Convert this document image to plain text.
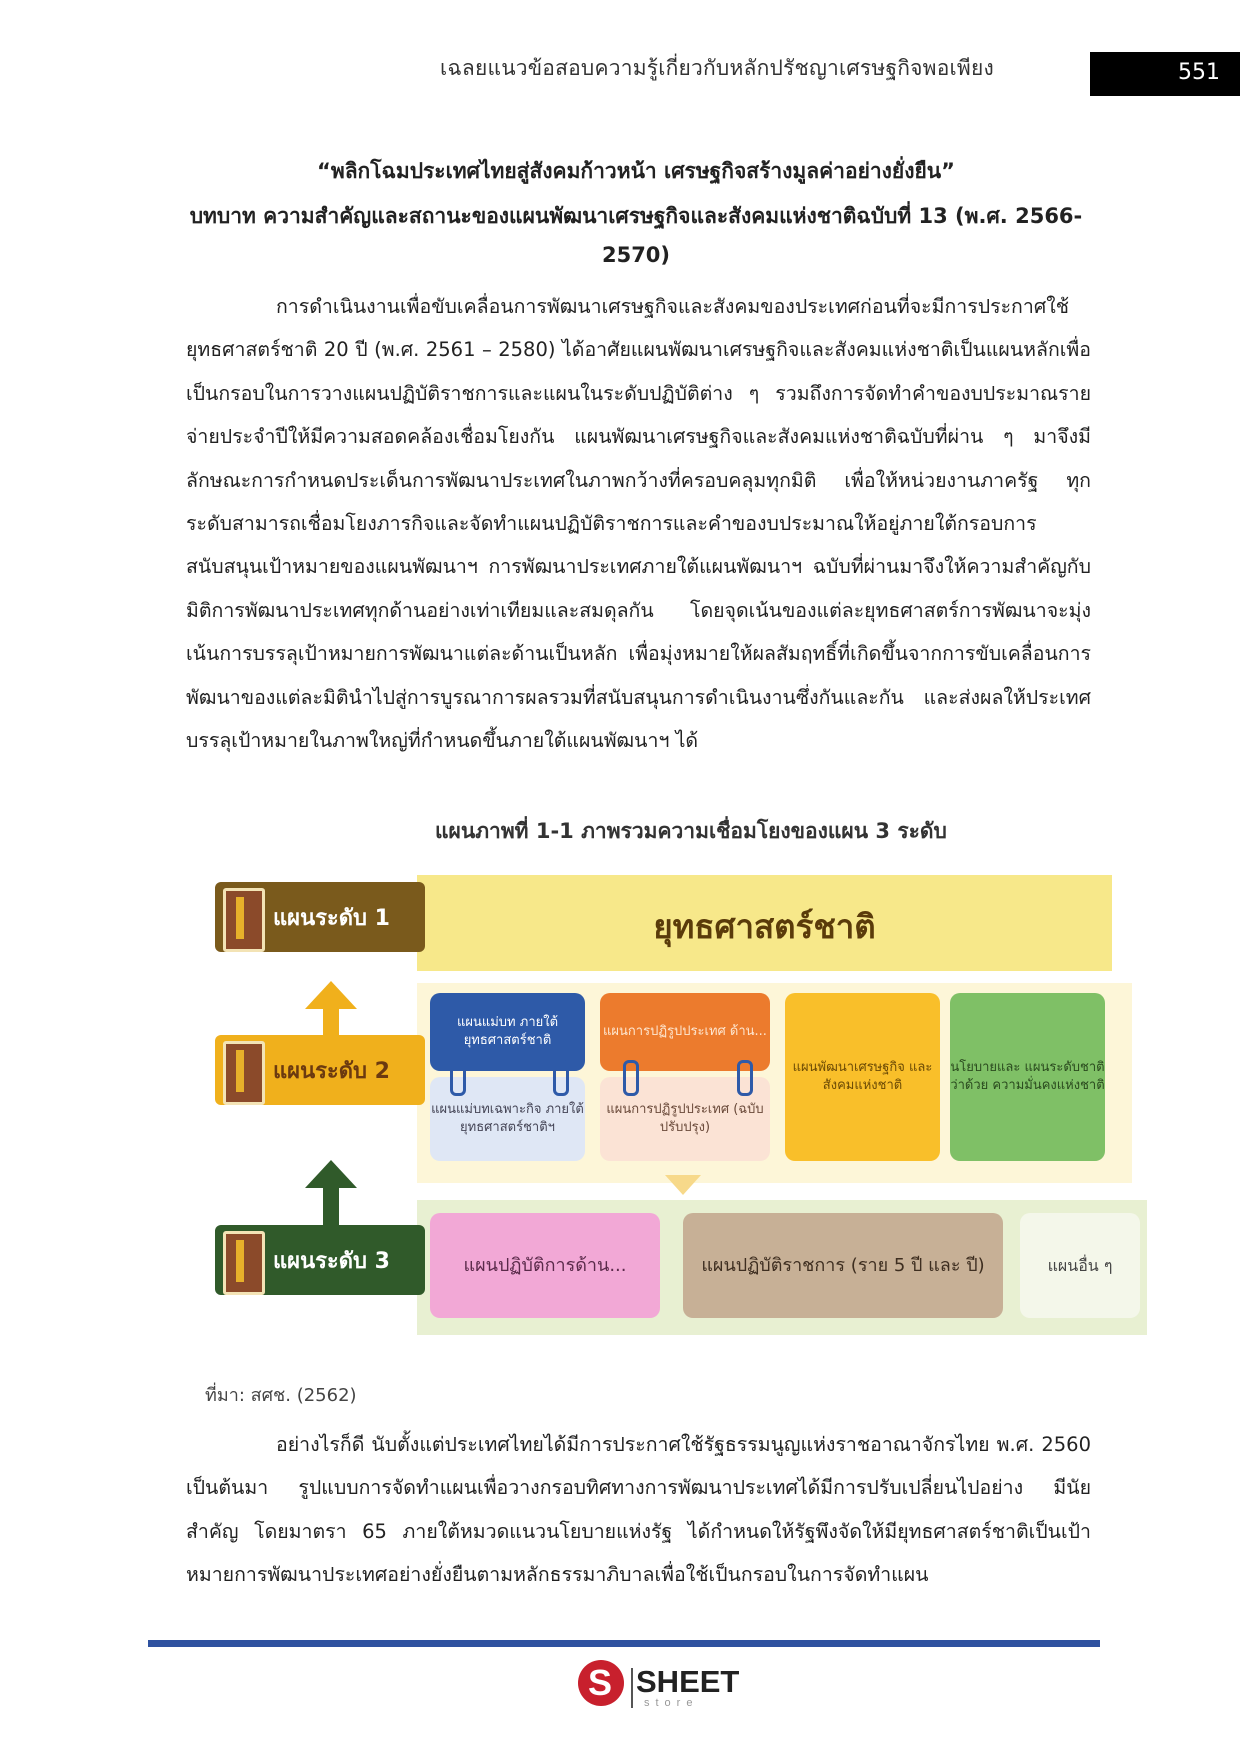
เฉลยแนวข้อสอบความรู้เกี่ยวกับหลักปรัชญาเศรษฐกิจพอเพียง	551
“พลิกโฉมประเทศไทยสู่สังคมก้าวหน้า เศรษฐกิจสร้างมูลค่าอย่างยั่งยืน”
บทบาท ความสำคัญและสถานะของแผนพัฒนาเศรษฐกิจและสังคมแห่งชาติฉบับที่ 13 (พ.ศ. 2566-
2570)

การดำเนินงานเพื่อขับเคลื่อนการพัฒนาเศรษฐกิจและสังคมของประเทศก่อนที่จะมีการประกาศใช้ ยุทธศาสตร์ชาติ 20 ปี (พ.ศ. 2561 – 2580) ได้อาศัยแผนพัฒนาเศรษฐกิจและสังคมแห่งชาติเป็นแผนหลักเพื่อ เป็นกรอบในการวางแผนปฏิบัติราชการและแผนในระดับปฏิบัติต่าง ๆ รวมถึงการจัดทำคำของบประมาณรายจ่ายประจำปีให้มีความสอดคล้องเชื่อมโยงกัน แผนพัฒนาเศรษฐกิจและสังคมแห่งชาติฉบับที่ผ่าน ๆ มาจึงมีลักษณะการกำหนดประเด็นการพัฒนาประเทศในภาพกว้างที่ครอบคลุมทุกมิติ เพื่อให้หน่วยงานภาครัฐ ทุกระดับสามารถเชื่อมโยงภารกิจและจัดทำแผนปฏิบัติราชการและคำของบประมาณให้อยู่ภายใต้กรอบการสนับสนุนเป้าหมายของแผนพัฒนาฯ การพัฒนาประเทศภายใต้แผนพัฒนาฯ ฉบับที่ผ่านมาจึงให้ความสำคัญกับมิติการพัฒนาประเทศทุกด้านอย่างเท่าเทียมและสมดุลกัน โดยจุดเน้นของแต่ละยุทธศาสตร์การพัฒนาจะมุ่งเน้นการบรรลุเป้าหมายการพัฒนาแต่ละด้านเป็นหลัก เพื่อมุ่งหมายให้ผลสัมฤทธิ์ที่เกิดขึ้นจากการขับเคลื่อนการพัฒนาของแต่ละมิตินำไปสู่การบูรณาการผลรวมที่สนับสนุนการดำเนินงานซึ่งกันและกัน และส่งผลให้ประเทศบรรลุเป้าหมายในภาพใหญ่ที่กำหนดขึ้นภายใต้แผนพัฒนาฯ ได้

แผนภาพที่ 1-1 ภาพรวมความเชื่อมโยงของแผน 3 ระดับ
ยุทธศาสตร์ชาติ
แผนระดับ 1
แผนระดับ 2
แผนระดับ 3
แผนแม่บท ภายใต้ยุทธศาสตร์ชาติ
แผนแม่บทเฉพาะกิจ ภายใต้ยุทธศาสตร์ชาติฯ
แผนการปฏิรูปประเทศ ด้าน...
แผนการปฏิรูปประเทศ (ฉบับปรับปรุง)
แผนพัฒนาเศรษฐกิจ และสังคมแห่งชาติ
นโยบายและ แผนระดับชาติว่าด้วย ความมั่นคงแห่งชาติ
แผนปฏิบัติการด้าน...	แผนปฏิบัติราชการ (ราย 5 ปี และ ปี)	แผนอื่น ๆ
ที่มา: สศช. (2562)

อย่างไรก็ดี นับตั้งแต่ประเทศไทยได้มีการประกาศใช้รัฐธรรมนูญแห่งราชอาณาจักรไทย พ.ศ. 2560 เป็นต้นมา รูปแบบการจัดทำแผนเพื่อวางกรอบทิศทางการพัฒนาประเทศได้มีการปรับเปลี่ยนไปอย่าง มีนัยสำคัญ โดยมาตรา 65 ภายใต้หมวดแนวนโยบายแห่งรัฐ ได้กำหนดให้รัฐพึงจัดให้มียุทธศาสตร์ชาติเป็นเป้าหมายการพัฒนาประเทศอย่างยั่งยืนตามหลักธรรมาภิบาลเพื่อใช้เป็นกรอบในการจัดทำแผน

S SHEET
store
